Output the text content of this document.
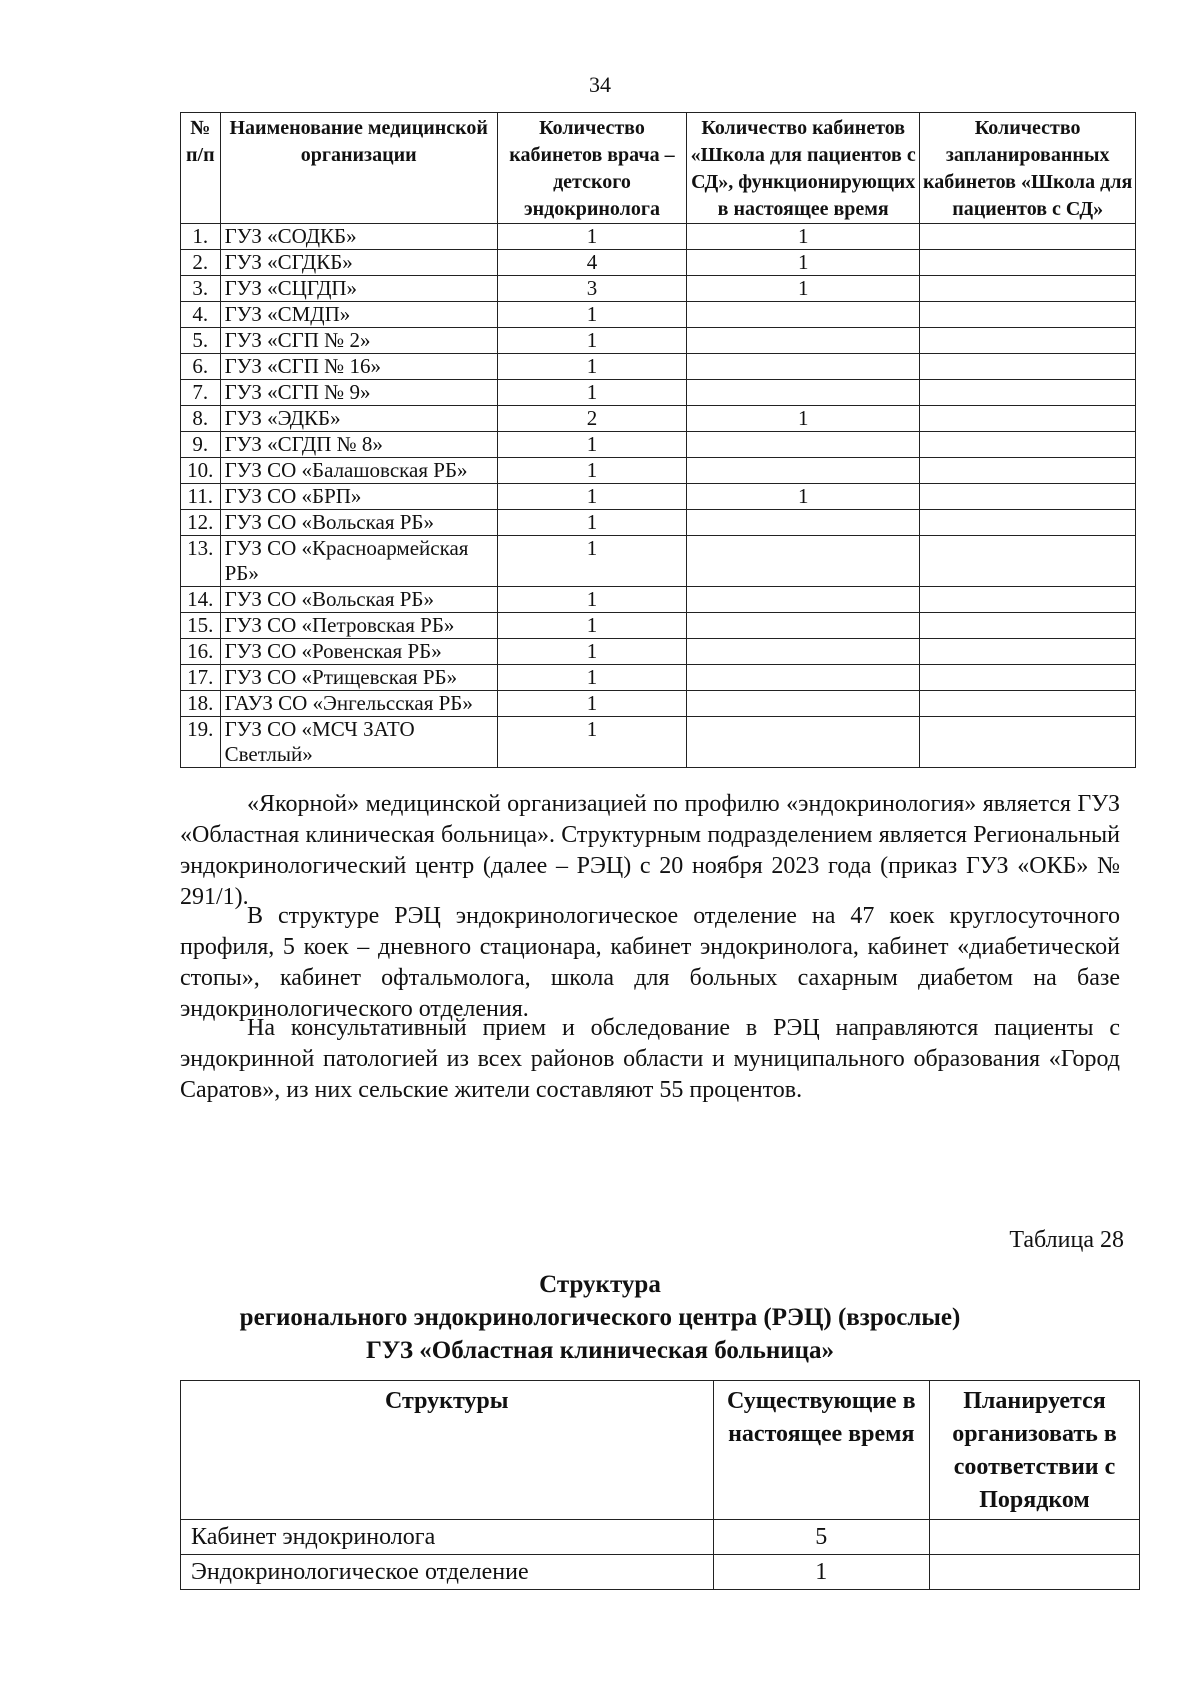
34
№ п/п	Наименование медицинской организации	Количество кабинетов врача – детского эндокринолога	Количество кабинетов «Школа для пациентов с СД», функционирующих в настоящее время	Количество запланированных кабинетов «Школа для пациентов с СД»
1.	ГУЗ «СОДКБ»	1	1	
2.	ГУЗ «СГДКБ»	4	1	
3.	ГУЗ «СЦГДП»	3	1	
4.	ГУЗ «СМДП»	1		
5.	ГУЗ «СГП № 2»	1		
6.	ГУЗ «СГП № 16»	1		
7.	ГУЗ «СГП № 9»	1		
8.	ГУЗ «ЭДКБ»	2	1	
9.	ГУЗ «СГДП № 8»	1		
10.	ГУЗ СО «Балашовская РБ»	1		
11.	ГУЗ СО «БРП»	1	1	
12.	ГУЗ СО «Вольская РБ»	1		
13.	ГУЗ СО «Красноармейская РБ»	1		
14.	ГУЗ СО «Вольская РБ»	1		
15.	ГУЗ СО «Петровская РБ»	1		
16.	ГУЗ СО «Ровенская РБ»	1		
17.	ГУЗ СО «Ртищевская РБ»	1		
18.	ГАУЗ СО «Энгельсская РБ»	1		
19.	ГУЗ СО «МСЧ ЗАТО Светлый»	1		

«Якорной» медицинской организацией по профилю «эндокринология» является ГУЗ «Областная клиническая больница». Структурным подразделением является Региональный эндокринологический центр (далее – РЭЦ) с 20 ноября 2023 года (приказ ГУЗ «ОКБ» № 291/1).

В структуре РЭЦ эндокринологическое отделение на 47 коек круглосуточного профиля, 5 коек – дневного стационара, кабинет эндокринолога, кабинет «диабетической стопы», кабинет офтальмолога, школа для больных сахарным диабетом на базе эндокринологического отделения.

На консультативный прием и обследование в РЭЦ направляются пациенты с эндокринной патологией из всех районов области и муниципального образования «Город Саратов», из них сельские жители составляют 55 процентов.

Таблица 28
Структура
регионального эндокринологического центра (РЭЦ) (взрослые)
ГУЗ «Областная клиническая больница»
Структуры	Существующие в настоящее время	Планируется организовать в соответствии с Порядком
Кабинет эндокринолога	5	
Эндокринологическое отделение	1	
